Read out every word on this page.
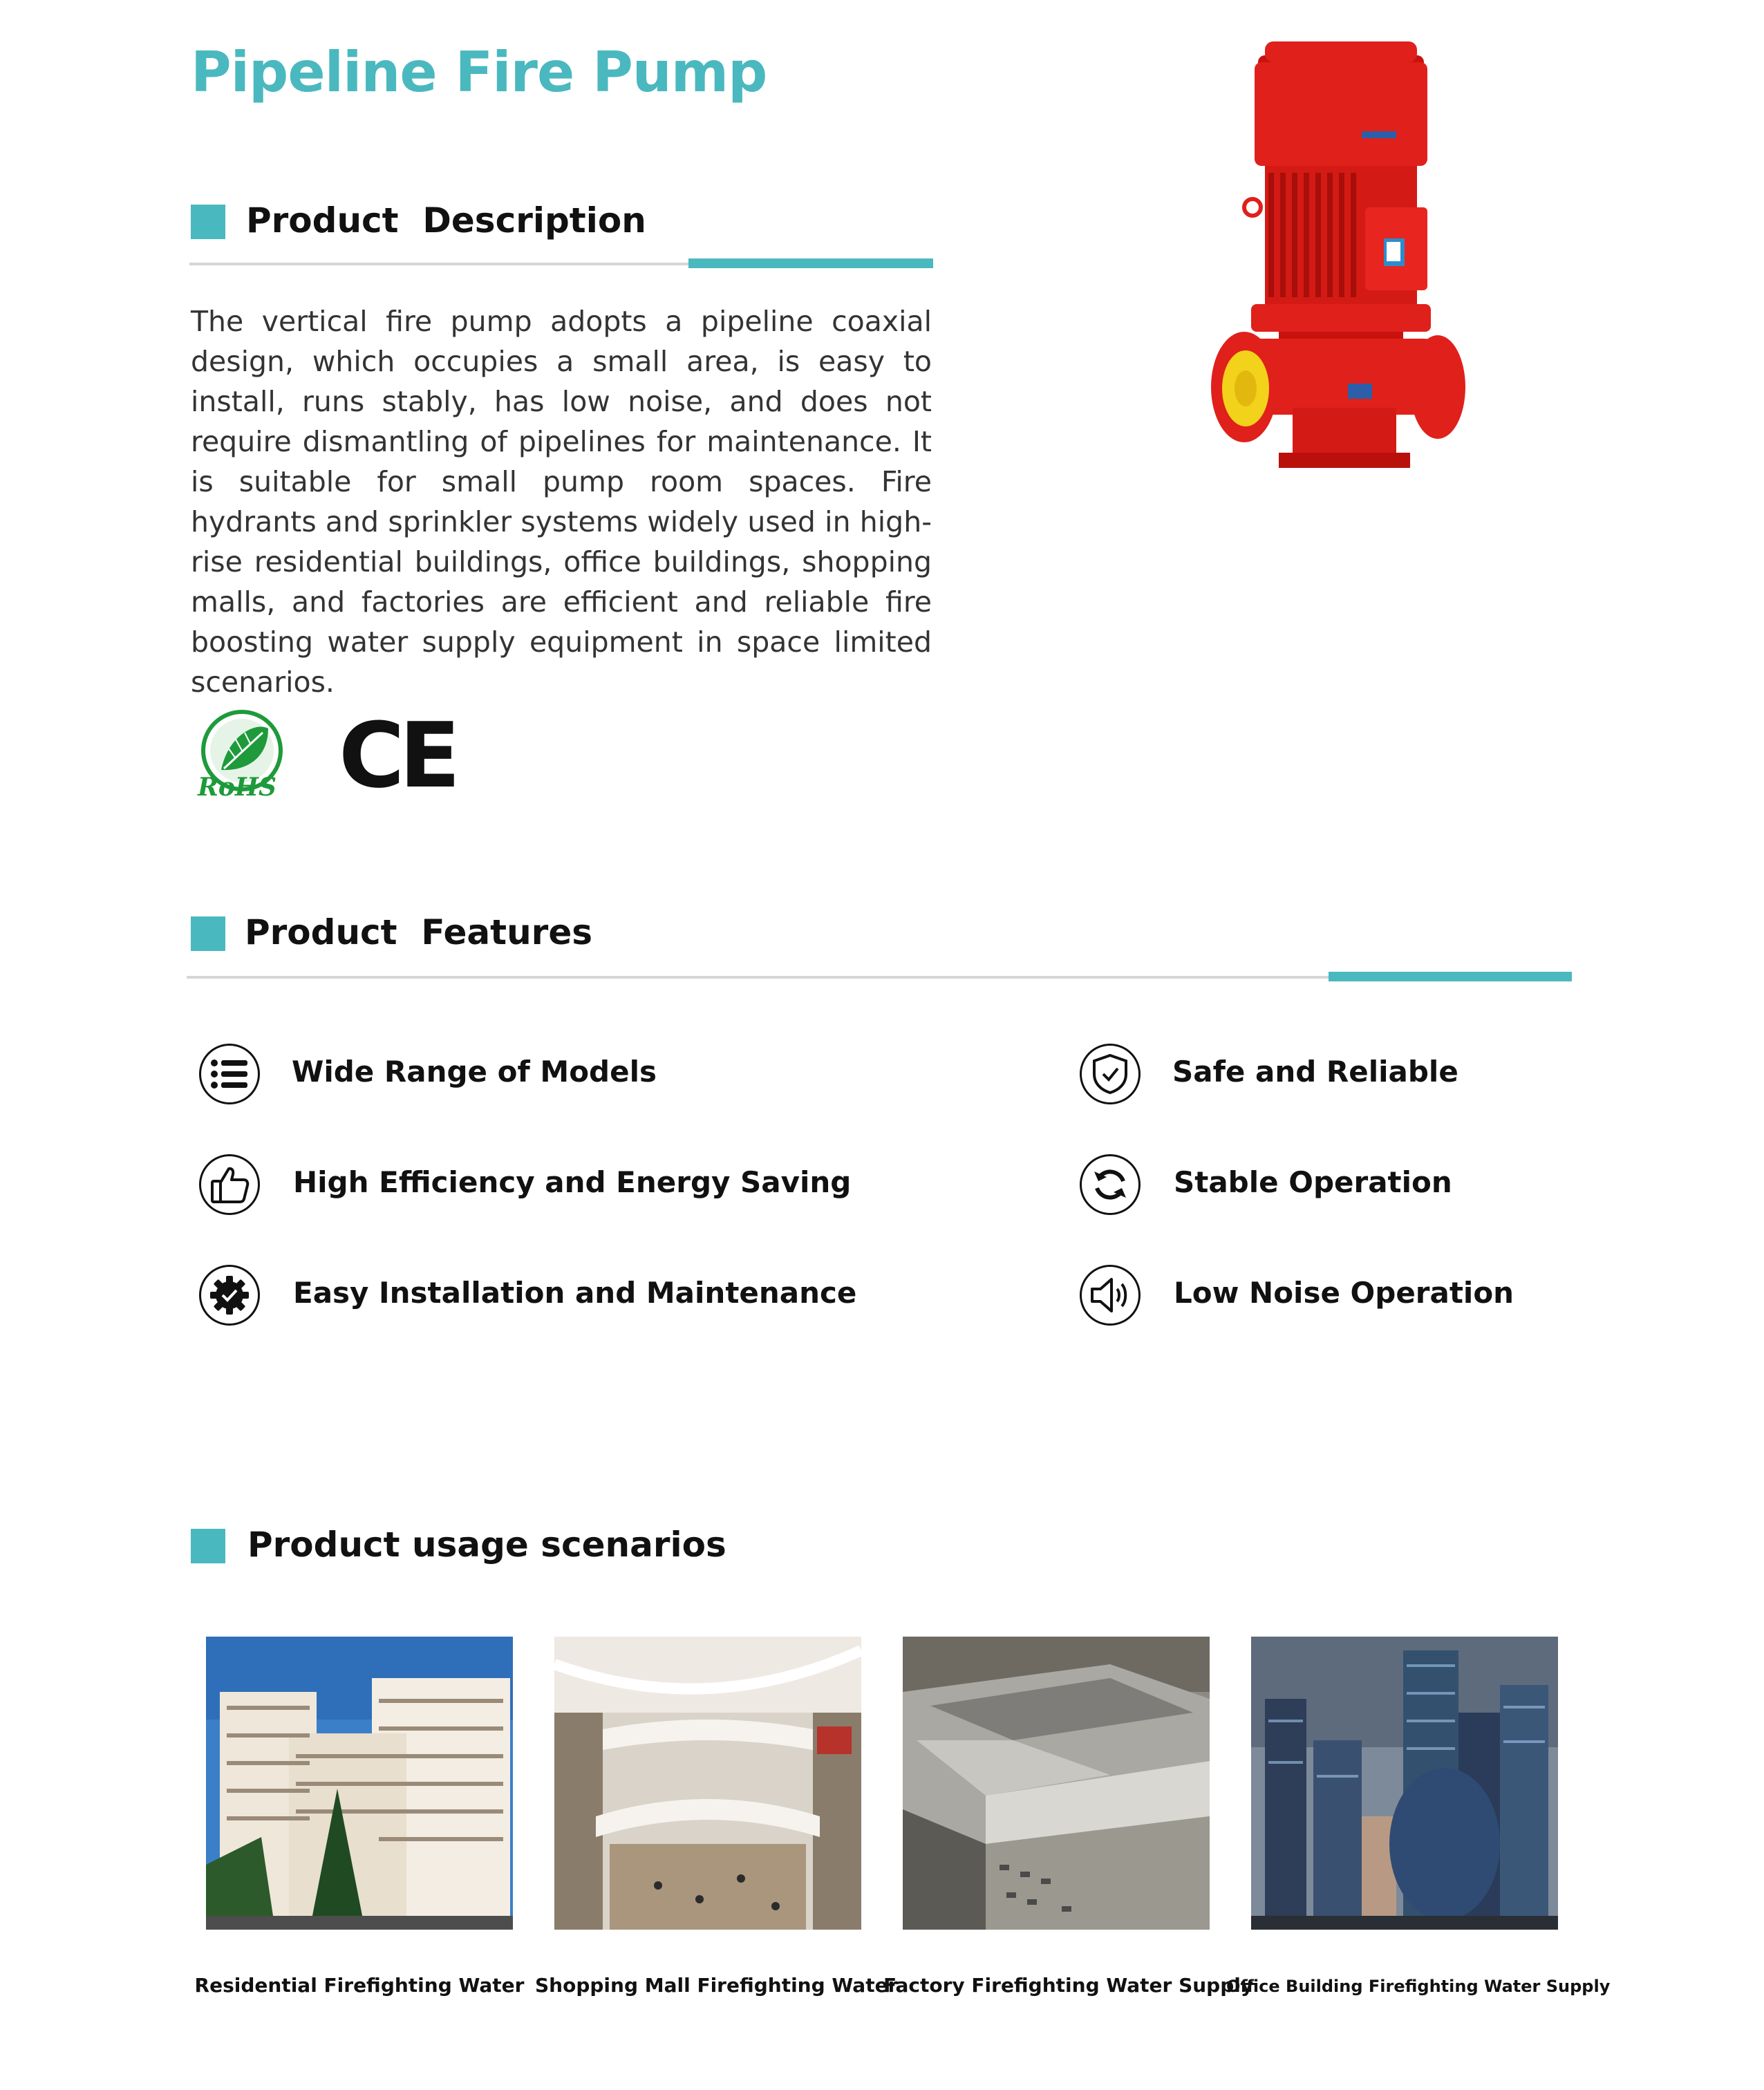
Pipeline Fire Pump
Product  Description
The vertical fire pump adopts a pipeline coaxial design, which occupies a small area, is easy to install, runs stably, has low noise, and does not require dismantling of pipelines for maintenance. It is suitable for small pump room spaces. Fire hydrants and sprinkler systems widely used in high-rise residential buildings, office buildings, shopping malls, and factories are efficient and reliable fire boosting water supply equipment in space limited scenarios.
RoHS CE
Product  Features
Wide Range of Models	Safe and Reliable
High Efficiency and Energy Saving	Stable Operation
Easy Installation and Maintenance	Low Noise Operation
Product usage scenarios
Residential Firefighting Water Shopping Mall Firefighting Water
Factory Firefighting Water Supply
Office Building Firefighting Water Supply
